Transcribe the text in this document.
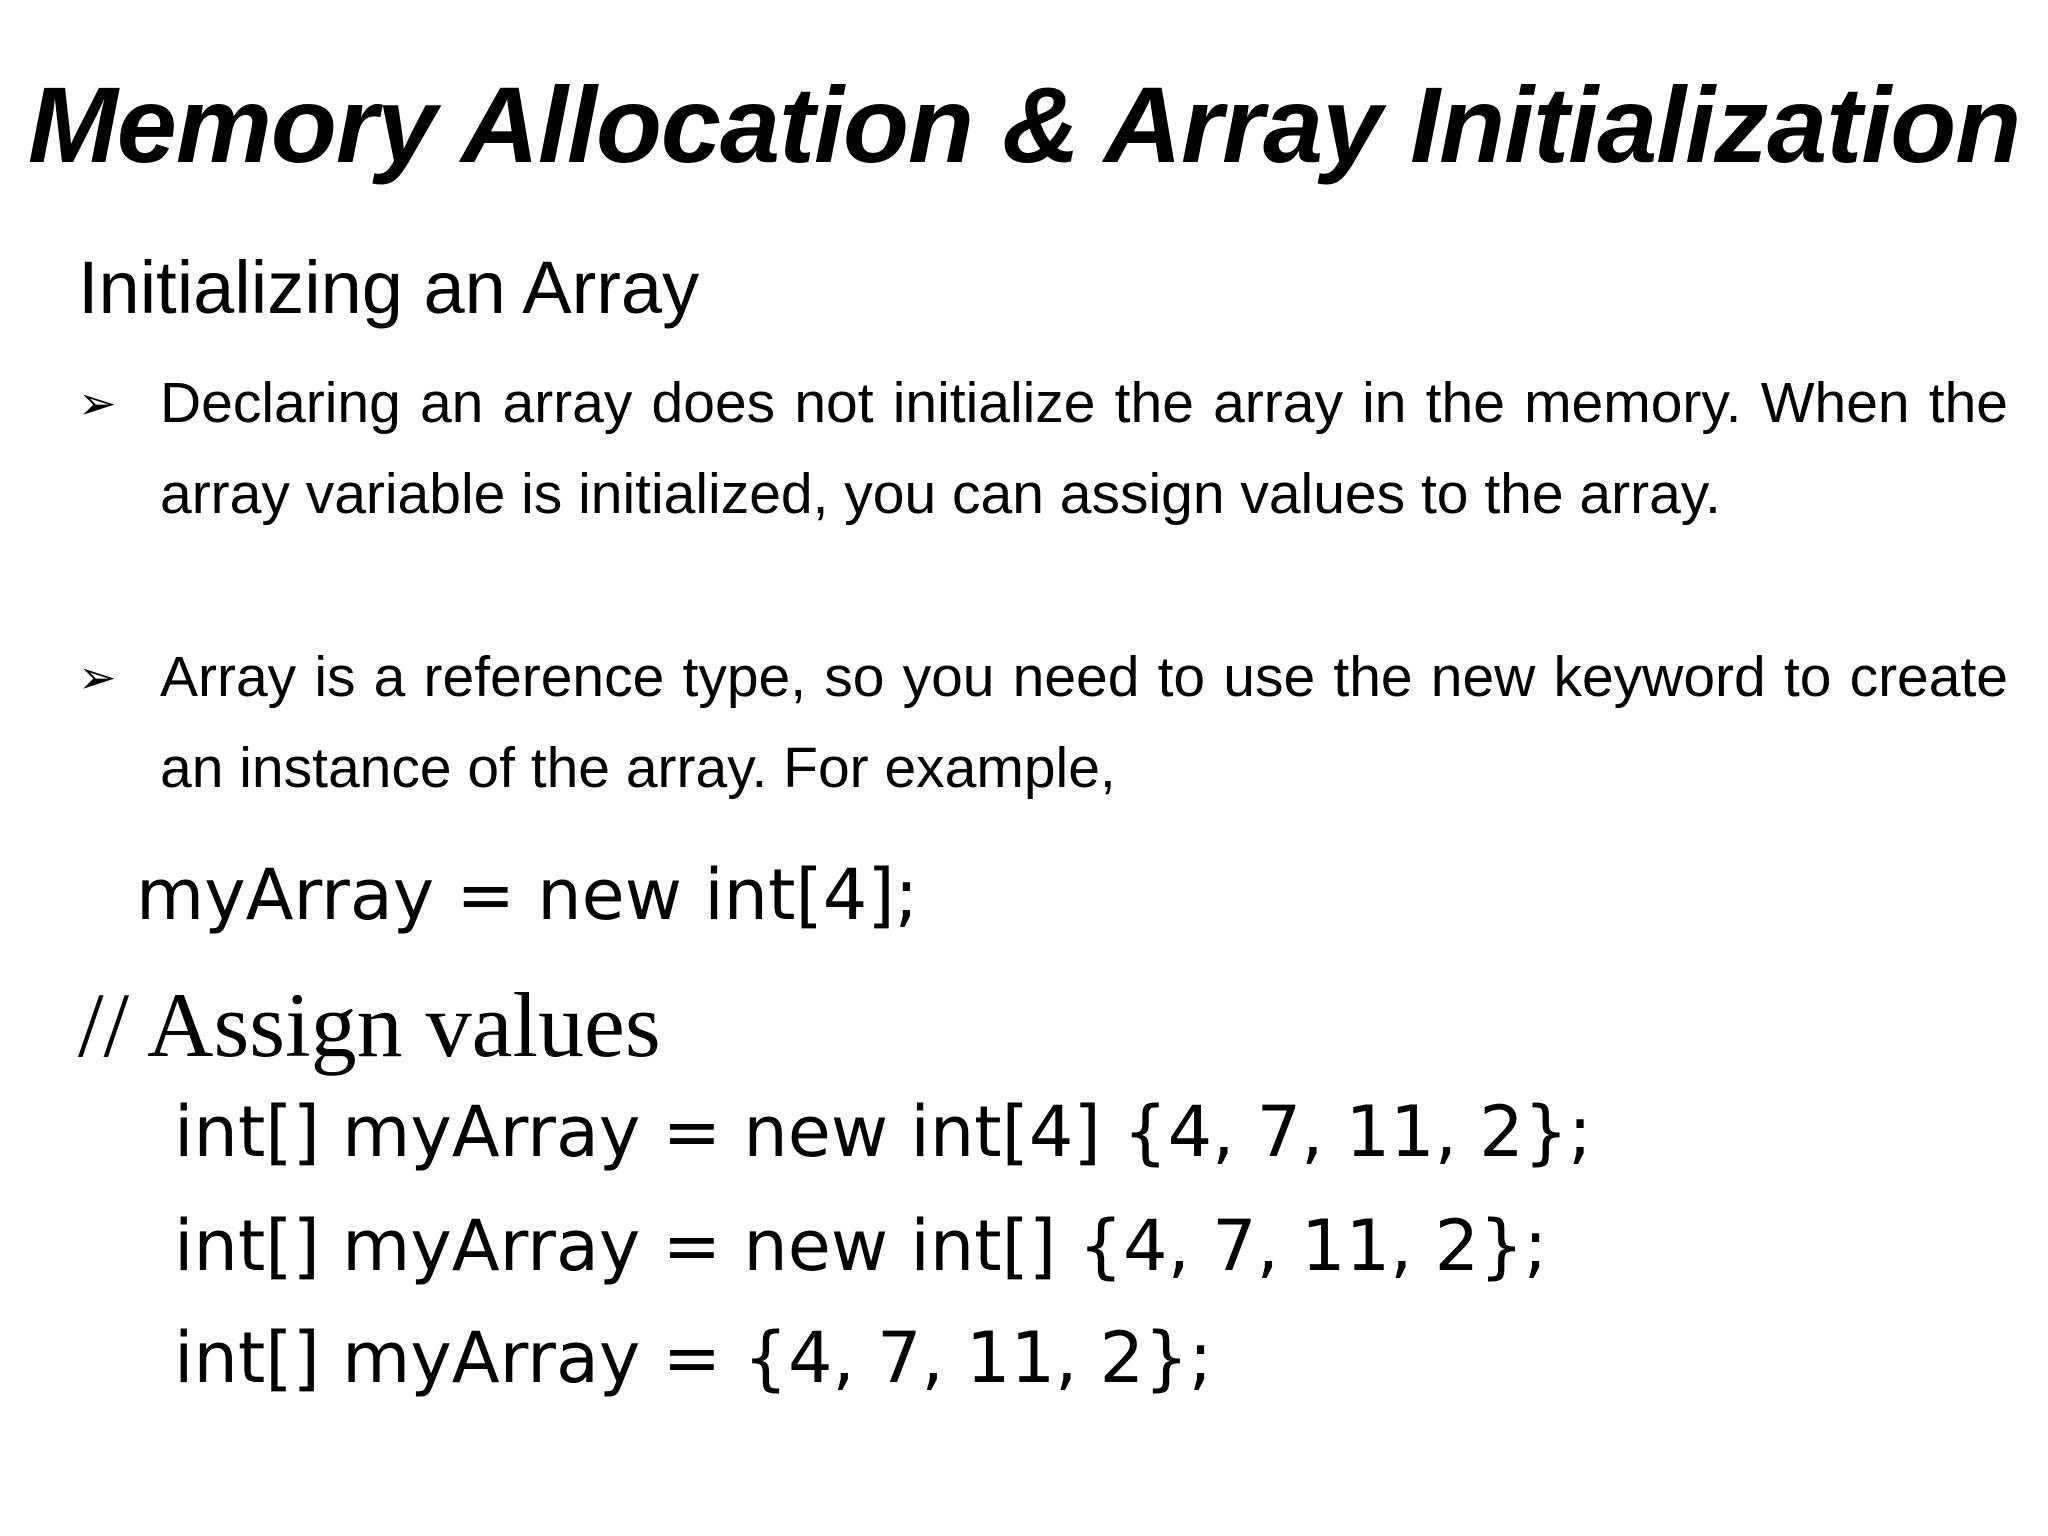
Memory Allocation & Array Initialization
Initializing an Array
➢ Declaring an array does not initialize the array in the memory. When the array variable is initialized, you can assign values to the array.
➢ Array is a reference type, so you need to use the new keyword to create an instance of the array. For example,
myArray = new int[4];
// Assign values
int[] myArray = new int[4] {4, 7, 11, 2};
int[] myArray = new int[] {4, 7, 11, 2};
int[] myArray = {4, 7, 11, 2};
